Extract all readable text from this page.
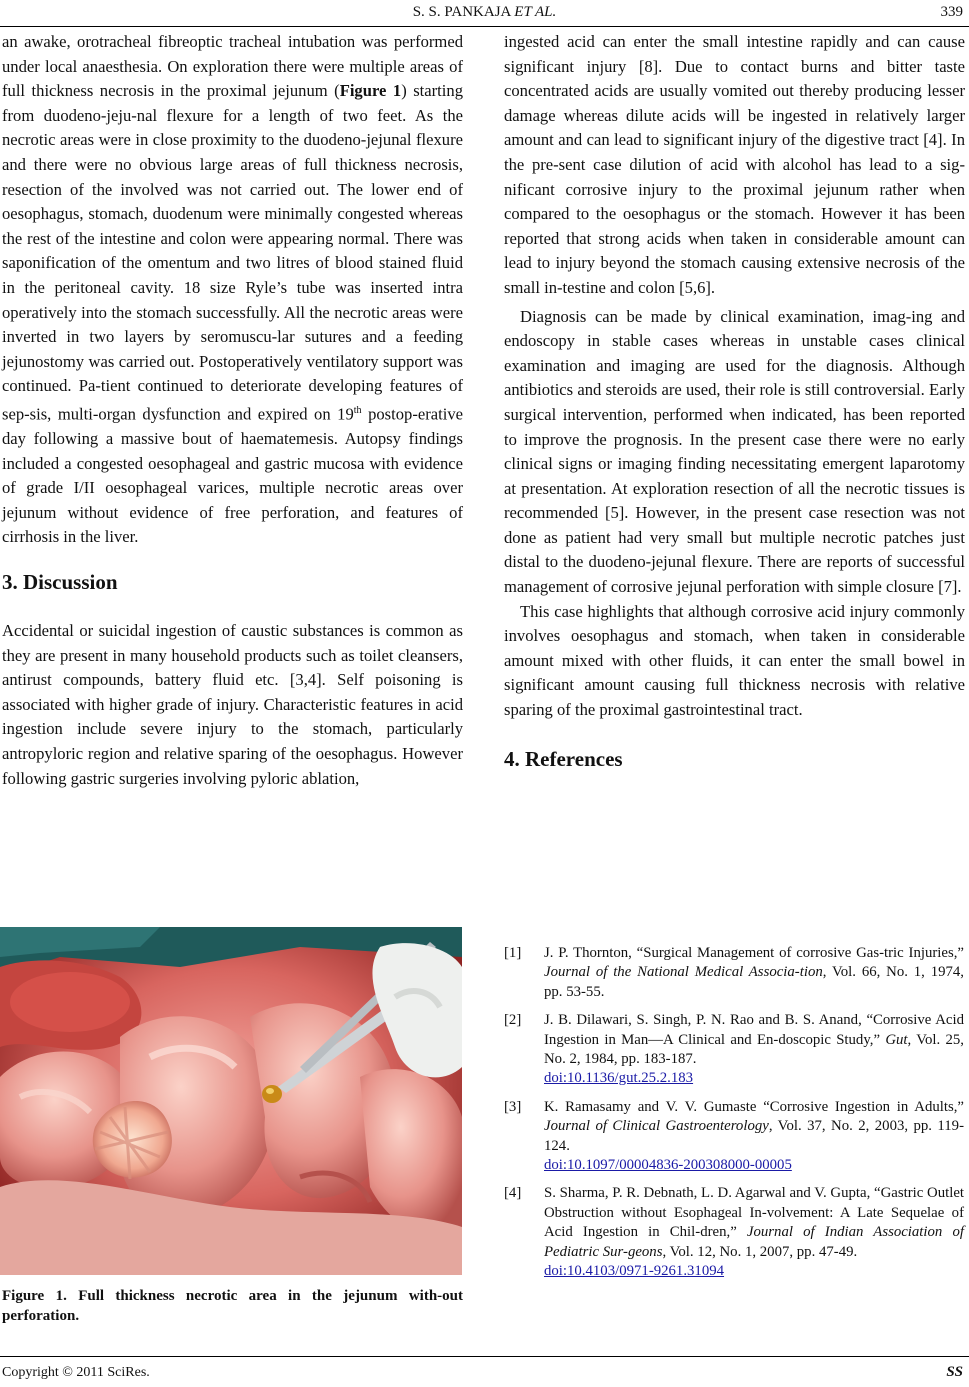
S. S. PANKAJA ET AL.	339

an awake, orotracheal fibreoptic tracheal intubation was performed under local anaesthesia. On exploration there were multiple areas of full thickness necrosis in the proximal jejunum (Figure 1) starting from duodeno-jeju-nal flexure for a length of two feet. As the necrotic areas were in close proximity to the duodeno-jejunal flexure and there were no obvious large areas of full thickness necrosis, resection of the involved was not carried out. The lower end of oesophagus, stomach, duodenum were minimally congested whereas the rest of the intestine and colon were appearing normal. There was saponification of the omentum and two litres of blood stained fluid in the peritoneal cavity. 18 size Ryle’s tube was inserted intra operatively into the stomach successfully. All the necrotic areas were inverted in two layers by seromuscu-lar sutures and a feeding jejunostomy was carried out. Postoperatively ventilatory support was continued. Pa-tient continued to deteriorate developing features of sep-sis, multi-organ dysfunction and expired on 19th postop-erative day following a massive bout of haematemesis. Autopsy findings included a congested oesophageal and gastric mucosa with evidence of grade I/II oesophageal varices, multiple necrotic areas over jejunum without evidence of free perforation, and features of cirrhosis in the liver.

3. Discussion

Accidental or suicidal ingestion of caustic substances is common as they are present in many household products such as toilet cleansers, antirust compounds, battery fluid etc. [3,4]. Self poisoning is associated with higher grade of injury. Characteristic features in acid ingestion include severe injury to the stomach, particularly antropyloric region and relative sparing of the oesophagus. However following gastric surgeries involving pyloric ablation,

Figure 1. Full thickness necrotic area in the jejunum with-out perforation.

ingested acid can enter the small intestine rapidly and can cause significant injury [8]. Due to contact burns and bitter taste concentrated acids are usually vomited out thereby producing lesser damage whereas dilute acids will be ingested in relatively larger amount and can lead to significant injury of the digestive tract [4]. In the pre-sent case dilution of acid with alcohol has lead to a sig-nificant corrosive injury to the proximal jejunum rather when compared to the oesophagus or the stomach. However it has been reported that strong acids when taken in considerable amount can lead to injury beyond the stomach causing extensive necrosis of the small in-testine and colon [5,6].

Diagnosis can be made by clinical examination, imag-ing and endoscopy in stable cases whereas in unstable cases clinical examination and imaging are used for the diagnosis. Although antibiotics and steroids are used, their role is still controversial. Early surgical intervention, performed when indicated, has been reported to improve the prognosis. In the present case there were no early clinical signs or imaging finding necessitating emergent laparotomy at presentation. At exploration resection of all the necrotic tissues is recommended [5]. However, in the present case resection was not done as patient had very small but multiple necrotic patches just distal to the duodeno-jejunal flexure. There are reports of successful management of corrosive jejunal perforation with simple closure [7].

This case highlights that although corrosive acid injury commonly involves oesophagus and stomach, when taken in considerable amount mixed with other fluids, it can enter the small bowel in significant amount causing full thickness necrosis with relative sparing of the proximal gastrointestinal tract.

4. References
[1] J. P. Thornton, “Surgical Management of corrosive Gas-tric Injuries,” Journal of the National Medical Associa-tion, Vol. 66, No. 1, 1974, pp. 53-55.
[2] J. B. Dilawari, S. Singh, P. N. Rao and B. S. Anand, “Corrosive Acid Ingestion in Man—A Clinical and En-doscopic Study,” Gut, Vol. 25, No. 2, 1984, pp. 183-187.
doi:10.1136/gut.25.2.183
[3] K. Ramasamy and V. V. Gumaste “Corrosive Ingestion in Adults,” Journal of Clinical Gastroenterology, Vol. 37, No. 2, 2003, pp. 119-124.
doi:10.1097/00004836-200308000-00005
[4] S. Sharma, P. R. Debnath, L. D. Agarwal and V. Gupta, “Gastric Outlet Obstruction without Esophageal In-volvement: A Late Sequelae of Acid Ingestion in Chil-dren,” Journal of Indian Association of Pediatric Sur-geons, Vol. 12, No. 1, 2007, pp. 47-49.
doi:10.4103/0971-9261.31094
Copyright © 2011 SciRes.	SS
